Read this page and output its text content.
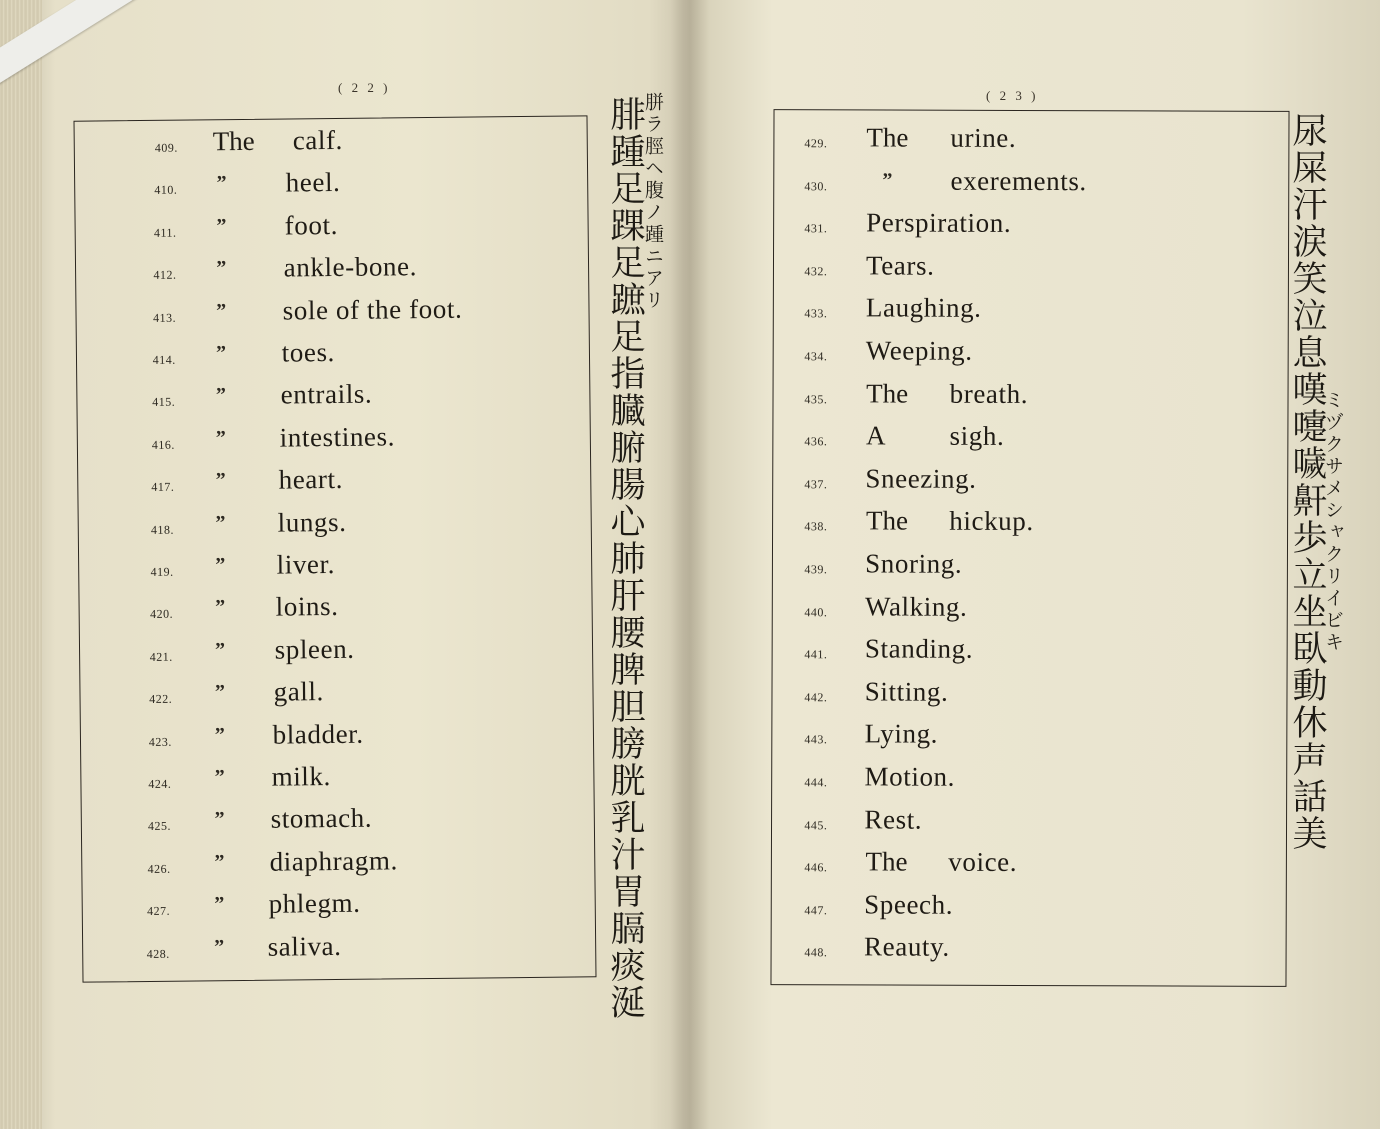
( 2 2 )
409. The calf.
410. ” heel.
411. ” foot.
412. ” ankle-bone.
413. ” sole of the foot.
414. ” toes.
415. ” entrails.
416. ” intestines.
417. ” heart.
418. ” lungs.
419. ” liver.
420. ” loins.
421. ” spleen.
422. ” gall.
423. ” bladder.
424. ” milk.
425. ” stomach.
426. ” diaphragm.
427. ” phlegm.
428. ” saliva.	腓踵足踝足蹠足指臓腑腸心肺肝腰脾胆膀胱乳汁胃膈痰涎
胼ラ脛ヘ腹ノ踵ニアリ	( 2 3 )
429. The urine.
430.	” exerements.
431. Perspiration.
432. Tears.
433. Laughing.
434. Weeping.
435. The breath.
436. A sigh.
437. Sneezing.
438. The hickup.
439. Snoring.
440. Walking.
441. Standing.
442. Sitting.
443. Lying.
444. Motion.
445. Rest.
446. The voice.
447. Speech.
448. Reauty.
尿屎汗涙笑泣息嘆嚏噦鼾歩立坐臥動休声話美
ミヅクサメシャクリイビキ
